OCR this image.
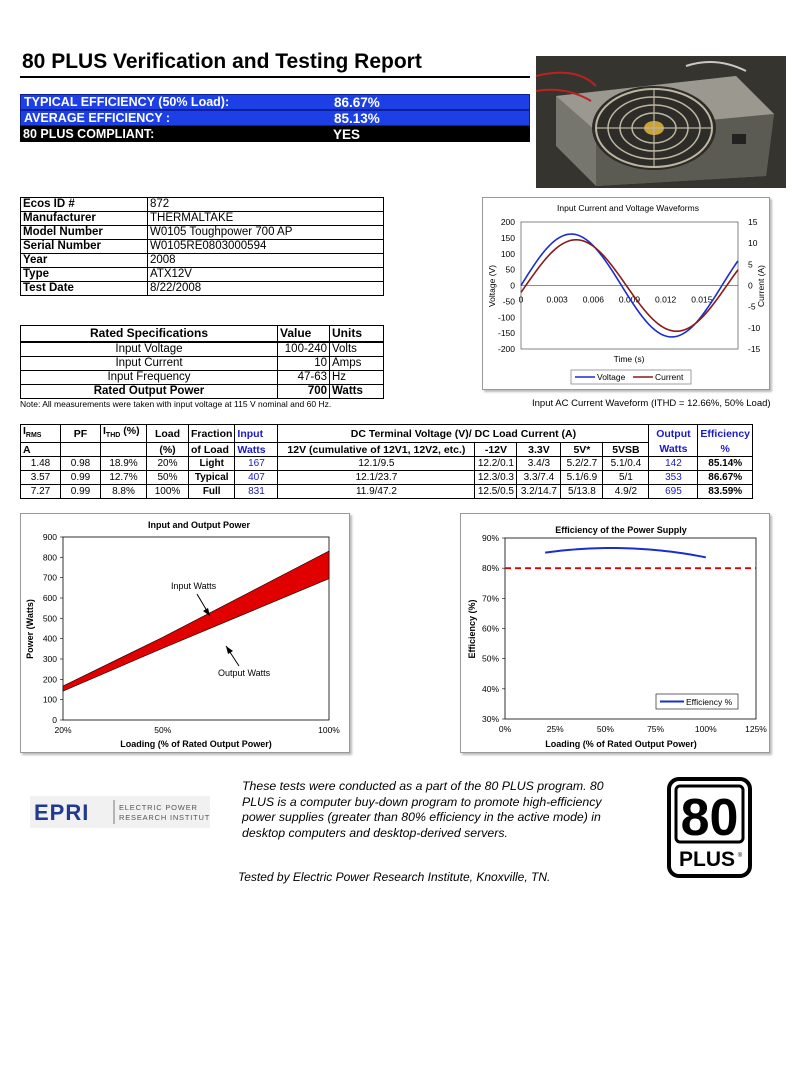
80 PLUS Verification and Testing Report
TYPICAL EFFICIENCY (50% Load):	86.67%
AVERAGE EFFICIENCY :	85.13%
80 PLUS COMPLIANT:	YES
Ecos ID #	872
Manufacturer	THERMALTAKE
Model Number	W0105 Toughpower 700 AP
Serial Number	W0105RE0803000594
Year	2008
Type	ATX12V
Test Date	8/22/2008
Rated Specifications	Value	Units
Input Voltage	100-240	Volts
Input Current	10	Amps
Input Frequency	47-63	Hz
Rated Output Power	700	Watts
Note: All measurements were taken with input voltage at 115 V nominal and 60 Hz.	Input AC Current Waveform (ITHD = 12.66%, 50% Load)
Input Current and Voltage Waveforms
200
150
100
50
0
-50
-100
-150
-200
15
10
5
0
-5
-10
-15
0	0.003 0.006 0.009 0.012 0.015
Voltage (V)	Current (A)
Time (s)
Voltage	Current
$I_{RMS}$	PF	$I_{THD}$ (%)	Load	Fraction	Input	DC Terminal Voltage (V)/ DC Load Current (A)					Output	Efficiency
A			(%)	of Load	Watts	12V (cumulative of 12V1, 12V2, etc.)	-12V	3.3V	5V*	5VSB	Watts	%
1.48	0.98	18.9%	20%	Light	167	12.1/9.5	12.2/0.1	3.4/3	5.2/2.7	5.1/0.4	142	85.14%
3.57	0.99	12.7%	50%	Typical	407	12.1/23.7	12.3/0.3	3.3/7.4	5.1/6.9	5/1	353	86.67%
7.27	0.99	8.8%	100%	Full	831	11.9/47.2	12.5/0.5	3.2/14.7	5/13.8	4.9/2	695	83.59%
Input and Output Power
900
800
700
600
500
400
300
200
100
0
20%	50%	100%
Input Watts
Output Watts
Power (Watts)
Loading (% of Rated Output Power)
Efficiency of the Power Supply
90%
80%
70%
60%
50%
40%
30%
0%	25%	50%	75%	100%	125%
Efficiency %
Efficiency (%)
Loading (% of Rated Output Power)
EPRI	ELECTRIC POWER
RESEARCH INSTITUTE
These tests were conducted as a part of the 80 PLUS program. 80 PLUS is a computer buy-down program to promote high-efficiency power supplies (greater than 80% efficiency in the active mode) in desktop computers and desktop-derived servers.
Tested by Electric Power Research Institute, Knoxville, TN.
80
PLUS ®
